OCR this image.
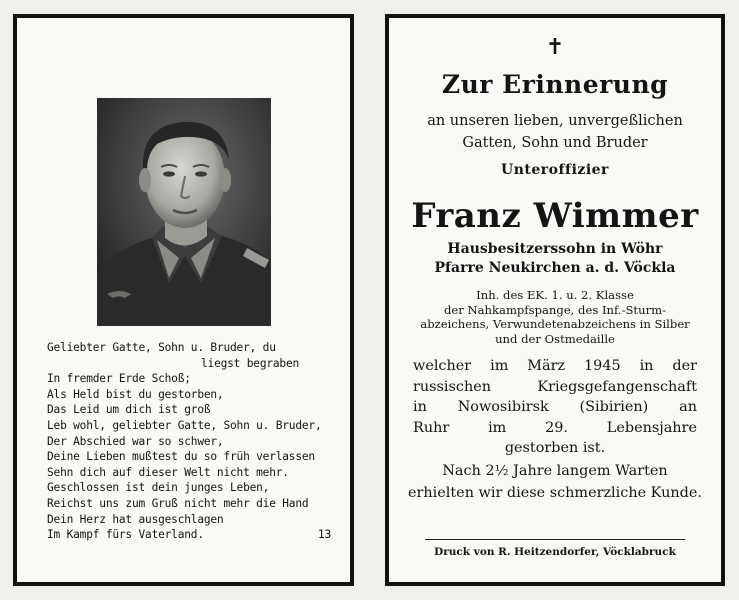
Geliebter Gatte, Sohn u. Bruder, du
liegst begraben
In fremder Erde Schoß;
Als Held bist du gestorben,
Das Leid um dich ist groß
Leb wohl, geliebter Gatte, Sohn u. Bruder,
Der Abschied war so schwer,
Deine Lieben mußtest du so früh verlassen
Sehn dich auf dieser Welt nicht mehr.
Geschlossen ist dein junges Leben,
Reichst uns zum Gruß nicht mehr die Hand
Dein Herz hat ausgeschlagen
Im Kampf fürs Vaterland.	13
✝
Zur Erinnerung
an unseren lieben, unvergeßlichen
Gatten, Sohn und Bruder
Unteroffizier
Franz Wimmer
Hausbesitzerssohn in Wöhr
Pfarre Neukirchen a. d. Vöckla
Inh. des EK. 1. u. 2. Klasse
der Nahkampfspange, des Inf.-Sturm-
abzeichens, Verwundetenabzeichens in Silber
und der Ostmedaille
welcher im März 1945 in der
russischen	Kriegsgefangenschaft
in Nowosibirsk (Sibirien) an
Ruhr	im	29.	Lebensjahre
gestorben ist.
Nach 2½ Jahre langem Warten
erhielten wir diese schmerzliche Kunde.
Druck von R. Heitzendorfer, Vöcklabruck
